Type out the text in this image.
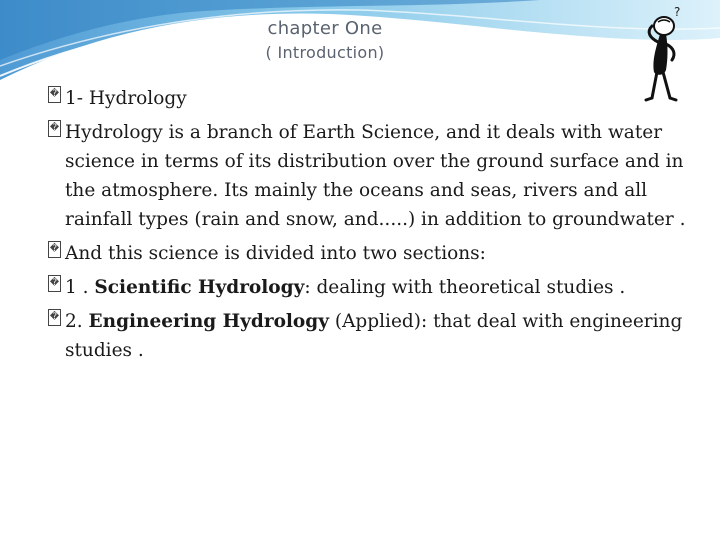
chapter One
( Introduction)
?
� 1- Hydrology
� Hydrology is a branch of Earth Science, and it deals with water science in terms of its distribution over the ground surface and in the atmosphere. Its mainly the oceans and seas, rivers and all rainfall types (rain and snow, and.....) in addition to groundwater .
� And this science is divided into two sections:
� 1 . Scientific Hydrology: dealing with theoretical studies .
� 2. Engineering Hydrology (Applied): that deal with engineering studies .
